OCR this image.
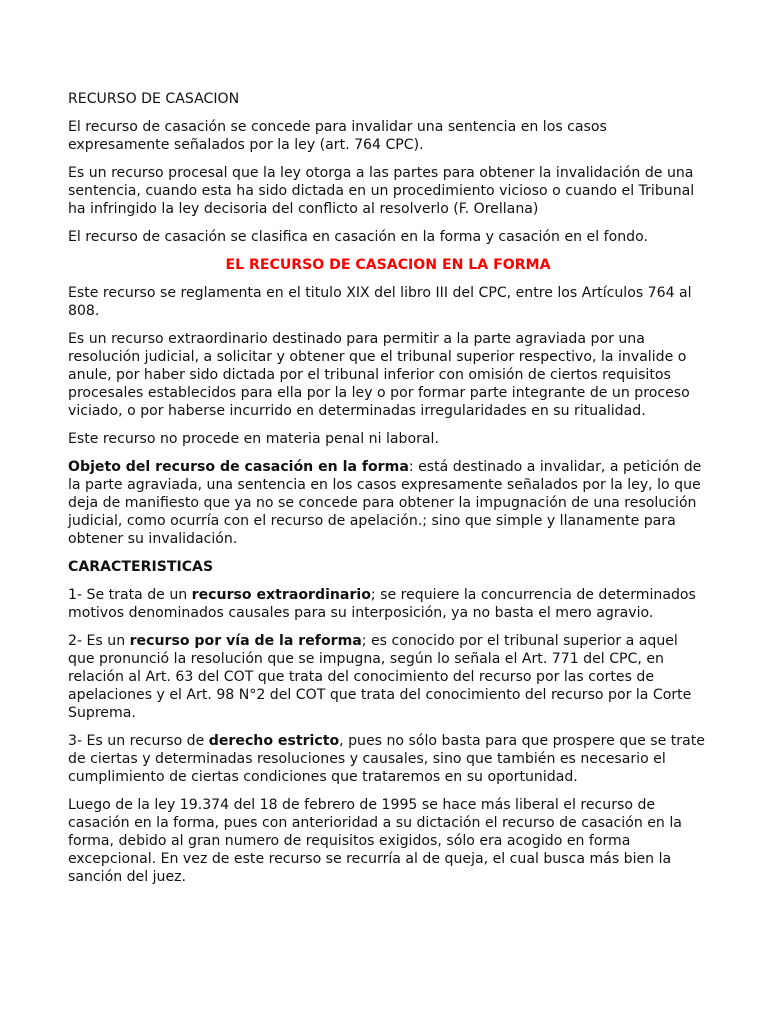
RECURSO DE CASACION

El recurso de casación se concede para invalidar una sentencia en los casos expresamente señalados por la ley (art. 764 CPC).

Es un recurso procesal que la ley otorga a las partes para obtener la invalidación de una sentencia, cuando esta ha sido dictada en un procedimiento vicioso o cuando el Tribunal ha infringido la ley decisoria del conflicto al resolverlo (F. Orellana)

El recurso de casación se clasifica en casación en la forma y casación en el fondo.

EL RECURSO DE CASACION EN LA FORMA

Este recurso se reglamenta en el titulo XIX del libro III del CPC, entre los Artículos 764 al 808.

Es un recurso extraordinario destinado para permitir a la parte agraviada por una resolución judicial, a solicitar y obtener que el tribunal superior respectivo, la invalide o anule, por haber sido dictada por el tribunal inferior con omisión de ciertos requisitos procesales establecidos para ella por la ley o por formar parte integrante de un proceso viciado, o por haberse incurrido en determinadas irregularidades en su ritualidad.

Este recurso no procede en materia penal ni laboral.

Objeto del recurso de casación en la forma: está destinado a invalidar, a petición de la parte agraviada, una sentencia en los casos expresamente señalados por la ley, lo que deja de manifiesto que ya no se concede para obtener la impugnación de una resolución judicial, como ocurría con el recurso de apelación.; sino que simple y llanamente para obtener su invalidación.

CARACTERISTICAS

1- Se trata de un recurso extraordinario; se requiere la concurrencia de determinados motivos denominados causales para su interposición, ya no basta el mero agravio.

2- Es un recurso por vía de la reforma; es conocido por el tribunal superior a aquel que pronunció la resolución que se impugna, según lo señala el Art. 771 del CPC, en relación al Art. 63 del COT que trata del conocimiento del recurso por las cortes de apelaciones y el Art. 98 N°2 del COT que trata del conocimiento del recurso por la Corte Suprema.

3- Es un recurso de derecho estricto, pues no sólo basta para que prospere que se trate de ciertas y determinadas resoluciones y causales, sino que también es necesario el cumplimiento de ciertas condiciones que trataremos en su oportunidad.

Luego de la ley 19.374 del 18 de febrero de 1995 se hace más liberal el recurso de casación en la forma, pues con anterioridad a su dictación el recurso de casación en la forma, debido al gran numero de requisitos exigidos, sólo era acogido en forma excepcional. En vez de este recurso se recurría al de queja, el cual busca más bien la sanción del juez.
